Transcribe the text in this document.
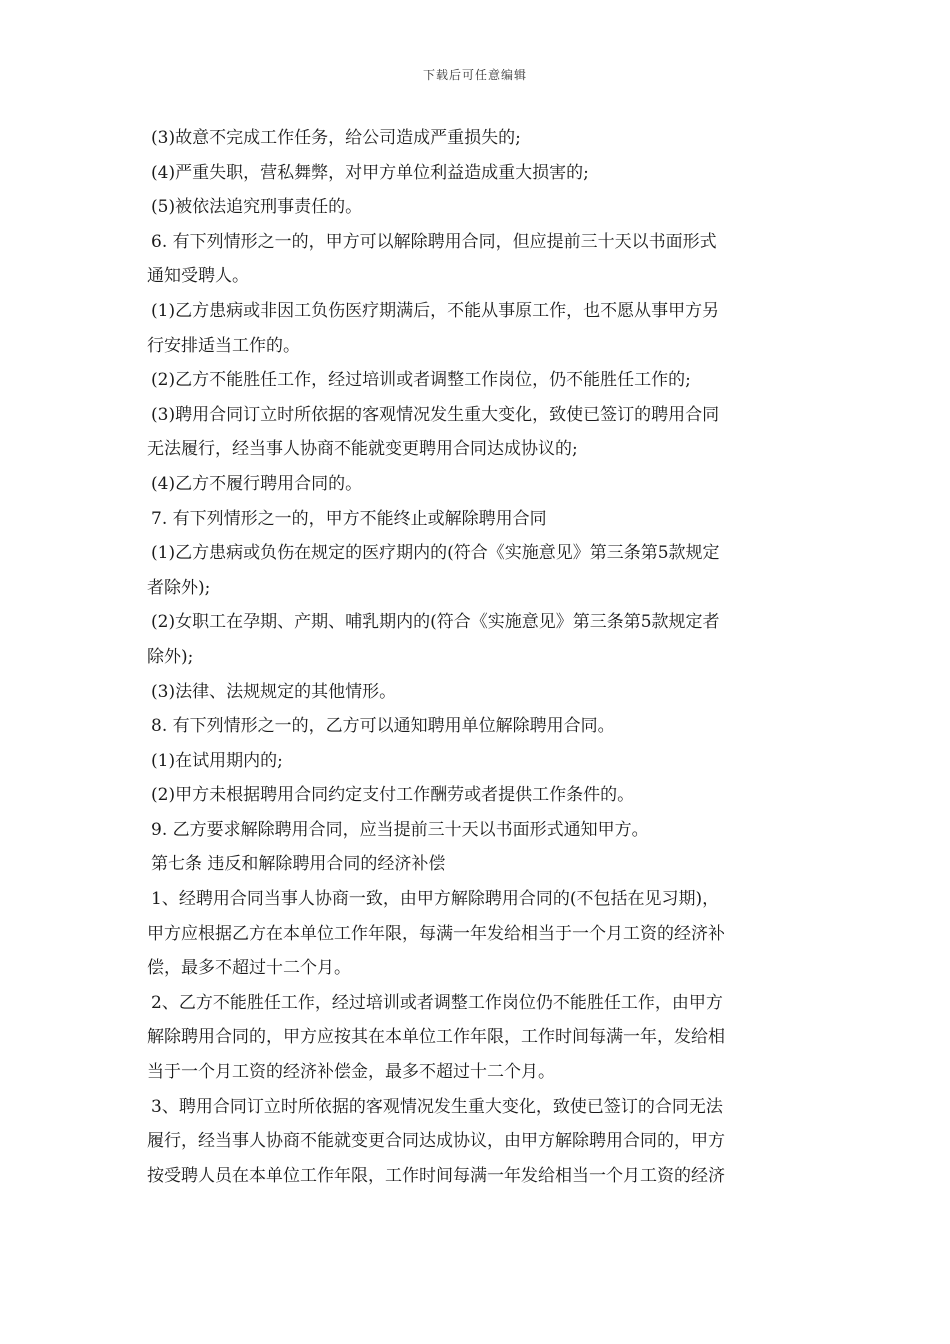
下载后可任意编辑
(3)故意不完成工作任务，给公司造成严重损失的;
(4)严重失职，营私舞弊，对甲方单位利益造成重大损害的;
(5)被依法追究刑事责任的。
6. 有下列情形之一的，甲方可以解除聘用合同，但应提前三十天以书面形式
通知受聘人。
(1)乙方患病或非因工负伤医疗期满后，不能从事原工作，也不愿从事甲方另
行安排适当工作的。
(2)乙方不能胜任工作，经过培训或者调整工作岗位，仍不能胜任工作的;
(3)聘用合同订立时所依据的客观情况发生重大变化，致使已签订的聘用合同
无法履行，经当事人协商不能就变更聘用合同达成协议的;
(4)乙方不履行聘用合同的。
7. 有下列情形之一的，甲方不能终止或解除聘用合同
(1)乙方患病或负伤在规定的医疗期内的(符合《实施意见》第三条第5款规定
者除外);
(2)女职工在孕期、产期、哺乳期内的(符合《实施意见》第三条第5款规定者
除外);
(3)法律、法规规定的其他情形。
8. 有下列情形之一的，乙方可以通知聘用单位解除聘用合同。
(1)在试用期内的;
(2)甲方未根据聘用合同约定支付工作酬劳或者提供工作条件的。
9. 乙方要求解除聘用合同，应当提前三十天以书面形式通知甲方。
第七条 违反和解除聘用合同的经济补偿
1、经聘用合同当事人协商一致，由甲方解除聘用合同的(不包括在见习期)，
甲方应根据乙方在本单位工作年限，每满一年发给相当于一个月工资的经济补
偿，最多不超过十二个月。
2、乙方不能胜任工作，经过培训或者调整工作岗位仍不能胜任工作，由甲方
解除聘用合同的，甲方应按其在本单位工作年限，工作时间每满一年，发给相
当于一个月工资的经济补偿金，最多不超过十二个月。
3、聘用合同订立时所依据的客观情况发生重大变化，致使已签订的合同无法
履行，经当事人协商不能就变更合同达成协议，由甲方解除聘用合同的，甲方
按受聘人员在本单位工作年限，工作时间每满一年发给相当一个月工资的经济
